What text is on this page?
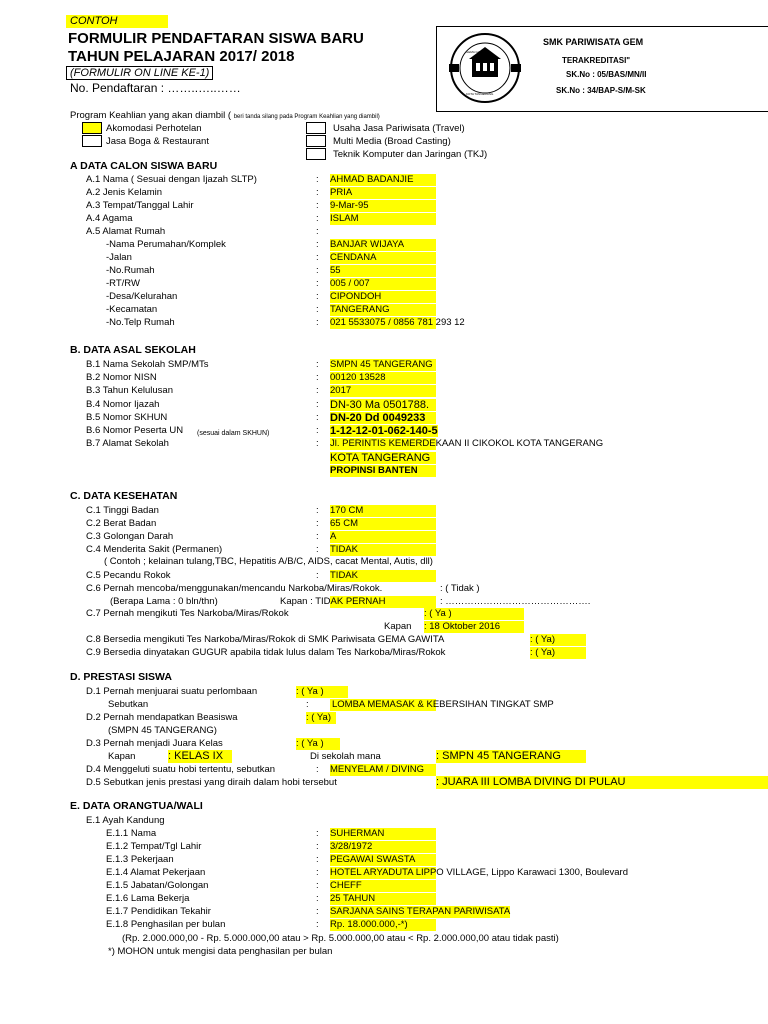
CONTOH
FORMULIR PENDAFTARAN SISWA BARU
TAHUN PELAJARAN 2017/ 2018
(FORMULIR ON LINE KE-1)
No. Pendaftaran : ……..…..……
GEMA GAWITA
KOTA TANGERANG
SMK PARIWISATA GEM
TERAKREDITASI"
SK.No : 05/BAS/MN/II
SK.No : 34/BAP-S/M-SK
Program Keahlian yang akan diambil ( beri tanda silang pada Program Keahlian yang diambil)
Akomodasi Perhotelan
Jasa Boga & Restaurant
Usaha Jasa Pariwisata (Travel)
Multi Media (Broad Casting)
Teknik Komputer dan Jaringan (TKJ)
A DATA CALON SISWA BARU
A.1 Nama ( Sesuai dengan Ijazah SLTP)	: AHMAD BADANJIE
A.2 Jenis Kelamin	: PRIA
A.3 Tempat/Tanggal Lahir	: 9-Mar-95
A.4 Agama	: ISLAM
A.5 Alamat Rumah	:
-Nama Perumahan/Komplek	: BANJAR WIJAYA
-Jalan	: CENDANA
-No.Rumah	: 55
-RT/RW	: 005 / 007
-Desa/Kelurahan	: CIPONDOH
-Kecamatan	: TANGERANG
-No.Telp Rumah	: 021 5533075 / 0856 781 293 12
B. DATA ASAL SEKOLAH
B.1 Nama Sekolah SMP/MTs	: SMPN 45 TANGERANG
B.2 Nomor NISN	: 00120 13528
B.3 Tahun Kelulusan	: 2017
B.4 Nomor Ijazah	: DN-30 Ma 0501788.
B.5 Nomor SKHUN	: DN-20 Dd 0049233
B.6 Nomor Peserta UN	: 1-12-12-01-062-140-5
B.7 Alamat Sekolah	: Jl. PERINTIS KEMERDEKAAN II CIKOKOL KOTA TANGERANG
(sesuai dalam SKHUN)
KOTA TANGERANG
PROPINSI BANTEN
C. DATA KESEHATAN
C.1 Tinggi Badan	: 170 CM
C.2 Berat Badan	: 65 CM
C.3 Golongan Darah	: A
C.4 Menderita Sakit (Permanen)	: TIDAK
( Contoh ; kelainan tulang,TBC, Hepatitis A/B/C, AIDS, cacat Mental, Autis, dll)
C.5 Pecandu Rokok	: TIDAK
C.6 Pernah mencoba/menggunakan/mencandu Narkoba/Miras/Rokok.	: ( Tidak )
(Berapa Lama : 0 bln/thn)	Kapan : TIDAK PERNAH	: ……………………………………….
C.7 Pernah mengikuti Tes Narkoba/Miras/Rokok	: ( Ya )
Kapan : 18 Oktober 2016
C.8 Bersedia mengikuti Tes Narkoba/Miras/Rokok di SMK Pariwisata GEMA GAWITA	: ( Ya)
C.9 Bersedia dinyatakan GUGUR apabila tidak lulus dalam Tes Narkoba/Miras/Rokok	: ( Ya)
D. PRESTASI SISWA
D.1 Pernah menjuarai suatu perlombaan	: ( Ya )
Sebutkan	: LOMBA MEMASAK & KEBERSIHAN TINGKAT SMP
D.2 Pernah mendapatkan Beasiswa	: ( Ya)
(SMPN 45 TANGERANG)
D.3 Pernah menjadi Juara Kelas	: ( Ya )
Kapan	: KELAS IX	Di sekolah mana	: SMPN 45 TANGERANG
D.4 Menggeluti suatu hobi tertentu, sebutkan	: MENYELAM / DIVING
D.5 Sebutkan jenis prestasi yang diraih dalam hobi tersebut	: JUARA III LOMBA DIVING DI PULAU
E. DATA ORANGTUA/WALI
E.1 Ayah Kandung
E.1.1 Nama	: SUHERMAN
E.1.2 Tempat/Tgl Lahir	: 3/28/1972
E.1.3 Pekerjaan	: PEGAWAI SWASTA
E.1.4 Alamat Pekerjaan	: HOTEL ARYADUTA LIPPO VILLAGE, Lippo Karawaci 1300, Boulevard
E.1.5 Jabatan/Golongan	: CHEFF
E.1.6 Lama Bekerja	: 25 TAHUN
E.1.7 Pendidikan Tekahir	: SARJANA SAINS TERAPAN PARIWISATA
E.1.8 Penghasilan per bulan	: Rp. 18.000.000,-*)
(Rp. 2.000.000,00 - Rp. 5.000.000,00 atau > Rp. 5.000.000,00 atau < Rp. 2.000.000,00 atau tidak pasti)
*) MOHON untuk mengisi data penghasilan per bulan
